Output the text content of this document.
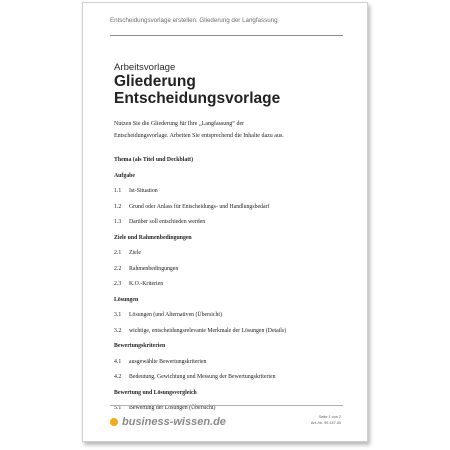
Entscheidungsvorlage erstellen: Gliederung der Langfassung
Arbeitsvorlage
Gliederung
Entscheidungsvorlage
Nutzen Sie die Gliederung für Ihre „Langfassung“ der
Entscheidungsvorlage. Arbeiten Sie entsprechend die Inhalte dazu aus.
Thema (als Titel und Deckblatt)
Aufgabe
1.1 Ist-Situation
1.2 Grund oder Anlass für Entscheidungs- und Handlungsbedarf
1.3 Darüber soll entschieden werden
Ziele und Rahmenbedingungen
2.1 Ziele
2.2 Rahmenbedingungen
2.3 K.O.-Kriterien
Lösungen
3.1 Lösungen (und Alternativen (Übersicht)
3.2 wichtige, entscheidungsrelevante Merkmale der Lösungen (Details)
Bewertungskriterien
4.1 ausgewählte Bewertungskriterien
4.2 Bedeutung, Gewichtung und Messung der Bewertungskriterien
Bewertung und Lösungsvergleich
5.1 Bewertung der Lösungen (Übersicht)
business-wissen.de	Seite 1 von 2
Art.-Nr. 99.147.00
